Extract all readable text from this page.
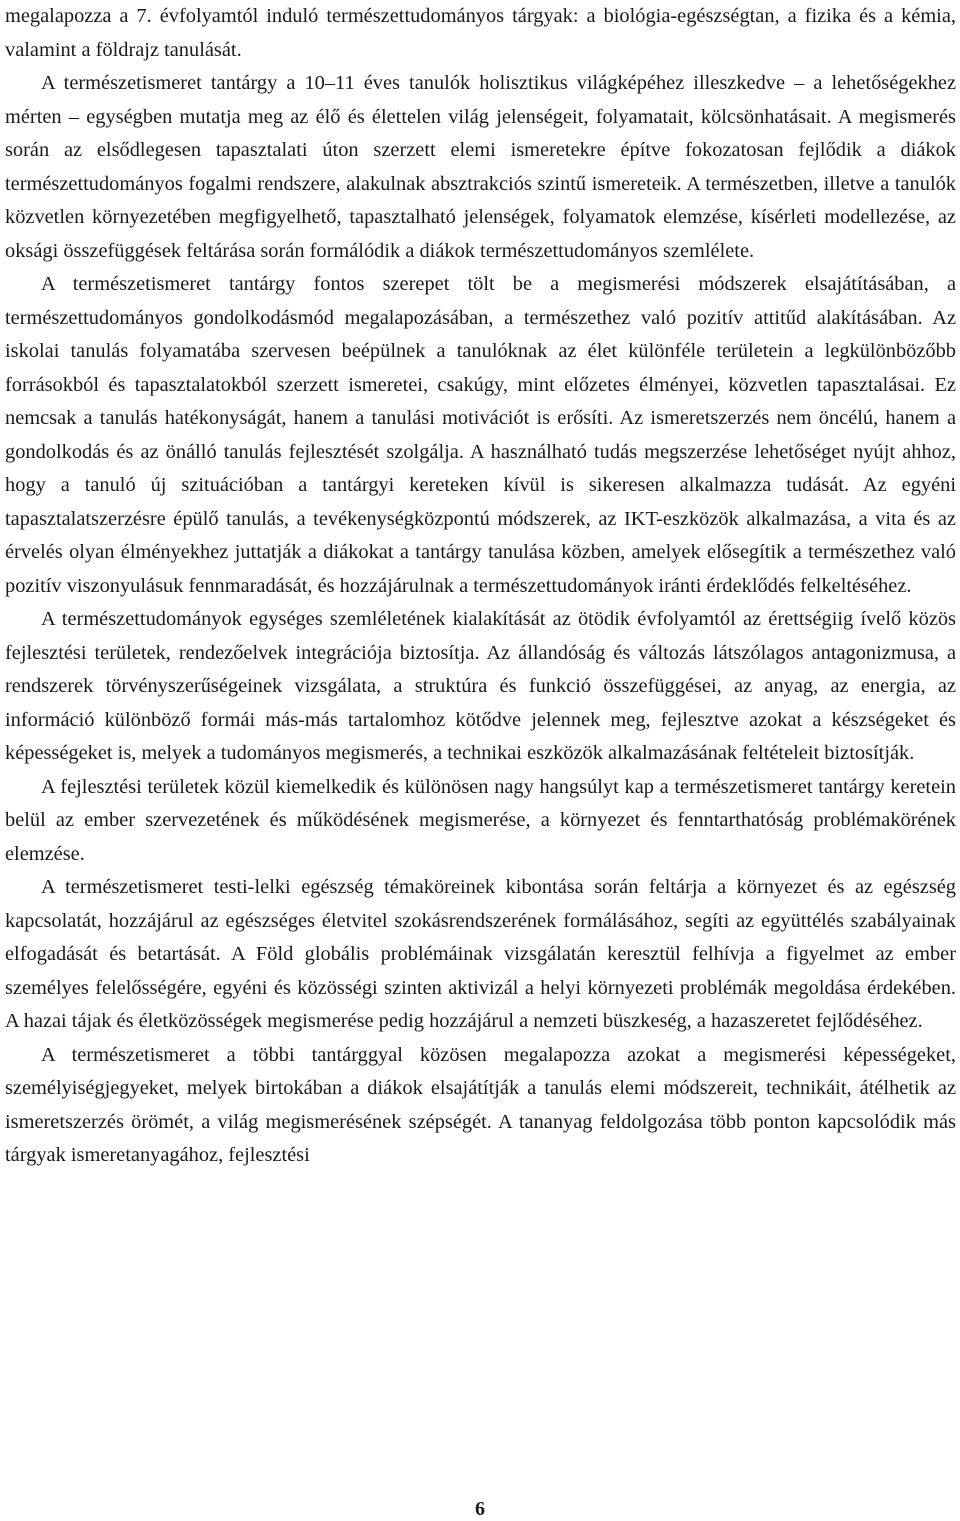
megalapozza a 7. évfolyamtól induló természettudományos tárgyak: a biológia-egészségtan, a fizika és a kémia, valamint a földrajz tanulását.

A természetismeret tantárgy a 10–11 éves tanulók holisztikus világképéhez illeszkedve – a lehetőségekhez mérten – egységben mutatja meg az élő és élettelen világ jelenségeit, folyamatait, kölcsönhatásait. A megismerés során az elsődlegesen tapasztalati úton szerzett elemi ismeretekre építve fokozatosan fejlődik a diákok természettudományos fogalmi rendszere, alakulnak absztrakciós szintű ismereteik. A természetben, illetve a tanulók közvetlen környezetében megfigyelhető, tapasztalható jelenségek, folyamatok elemzése, kísérleti modellezése, az oksági összefüggések feltárása során formálódik a diákok természettudományos szemlélete.

A természetismeret tantárgy fontos szerepet tölt be a megismerési módszerek elsajátításában, a természettudományos gondolkodásmód megalapozásában, a természethez való pozitív attitűd alakításában. Az iskolai tanulás folyamatába szervesen beépülnek a tanulóknak az élet különféle területein a legkülönbözőbb forrásokból és tapasztalatokból szerzett ismeretei, csakúgy, mint előzetes élményei, közvetlen tapasztalásai. Ez nemcsak a tanulás hatékonyságát, hanem a tanulási motivációt is erősíti. Az ismeretszerzés nem öncélú, hanem a gondolkodás és az önálló tanulás fejlesztését szolgálja. A használható tudás megszerzése lehetőséget nyújt ahhoz, hogy a tanuló új szituációban a tantárgyi kereteken kívül is sikeresen alkalmazza tudását. Az egyéni tapasztalatszerzésre épülő tanulás, a tevékenységközpontú módszerek, az IKT-eszközök alkalmazása, a vita és az érvelés olyan élményekhez juttatják a diákokat a tantárgy tanulása közben, amelyek elősegítik a természethez való pozitív viszonyulásuk fennmaradását, és hozzájárulnak a természettudományok iránti érdeklődés felkeltéséhez.

A természettudományok egységes szemléletének kialakítását az ötödik évfolyamtól az érettségiig ívelő közös fejlesztési területek, rendezőelvek integrációja biztosítja. Az állandóság és változás látszólagos antagonizmusa, a rendszerek törvényszerűségeinek vizsgálata, a struktúra és funkció összefüggései, az anyag, az energia, az információ különböző formái más-más tartalomhoz kötődve jelennek meg, fejlesztve azokat a készségeket és képességeket is, melyek a tudományos megismerés, a technikai eszközök alkalmazásának feltételeit biztosítják.

A fejlesztési területek közül kiemelkedik és különösen nagy hangsúlyt kap a természetismeret tantárgy keretein belül az ember szervezetének és működésének megismerése, a környezet és fenntarthatóság problémakörének elemzése.

A természetismeret testi-lelki egészség témaköreinek kibontása során feltárja a környezet és az egészség kapcsolatát, hozzájárul az egészséges életvitel szokásrendszerének formálásához, segíti az együttélés szabályainak elfogadását és betartását. A Föld globális problémáinak vizsgálatán keresztül felhívja a figyelmet az ember személyes felelősségére, egyéni és közösségi szinten aktivizál a helyi környezeti problémák megoldása érdekében. A hazai tájak és életközösségek megismerése pedig hozzájárul a nemzeti büszkeség, a hazaszeretet fejlődéséhez.

A természetismeret a többi tantárggyal közösen megalapozza azokat a megismerési képességeket, személyiségjegyeket, melyek birtokában a diákok elsajátítják a tanulás elemi módszereit, technikáit, átélhetik az ismeretszerzés örömét, a világ megismerésének szépségét. A tananyag feldolgozása több ponton kapcsolódik más tárgyak ismeretanyagához, fejlesztési

6
